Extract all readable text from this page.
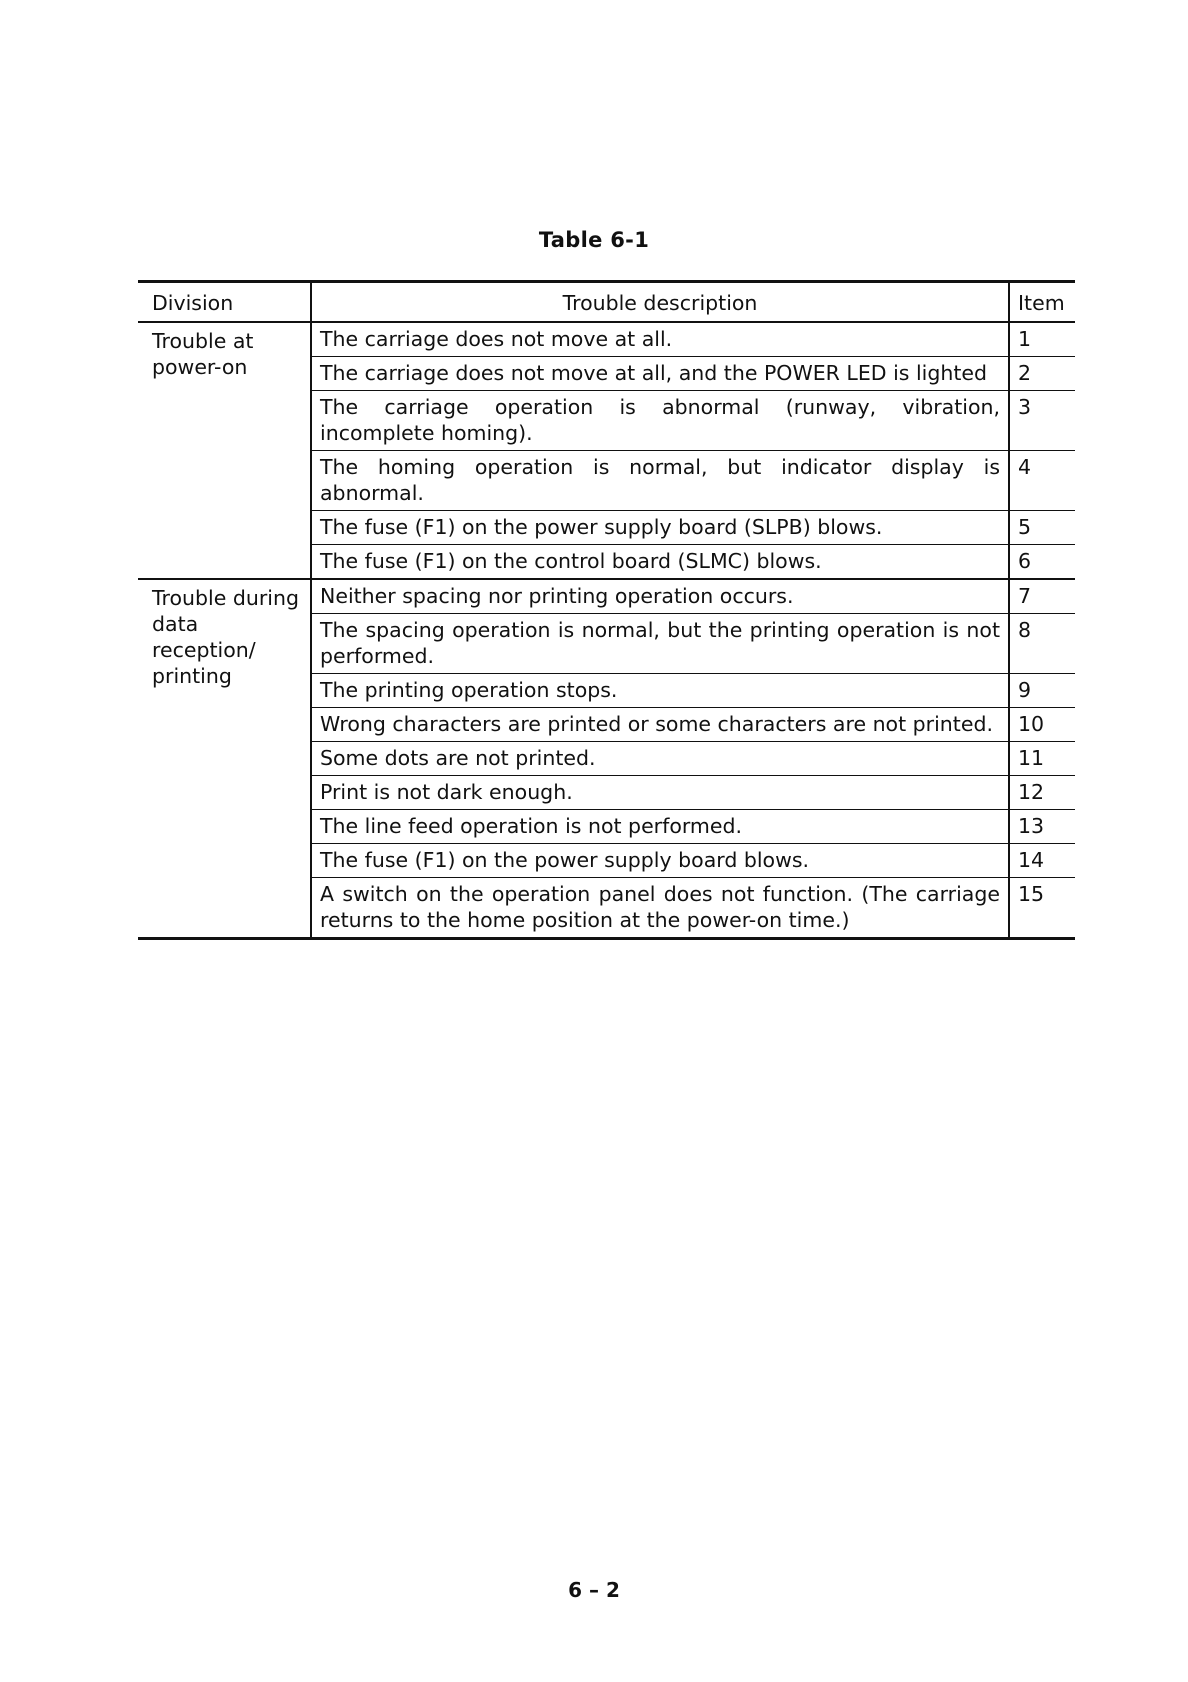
Table 6-1
Division	Trouble description	Item
Trouble at power-on	The carriage does not move at all.	1
	The carriage does not move at all, and the POWER LED is lighted	2
	The carriage operation is abnormal (runway, vibration, incomplete homing).	3
	The homing operation is normal, but indicator display is abnormal.	4
	The fuse (F1) on the power supply board (SLPB) blows.	5
	The fuse (F1) on the control board (SLMC) blows.	6
Trouble during data reception/ printing	Neither spacing nor printing operation occurs.	7
	The spacing operation is normal, but the printing operation is not performed.	8
	The printing operation stops.	9
	Wrong characters are printed or some characters are not printed.	10
	Some dots are not printed.	11
	Print is not dark enough.	12
	The line feed operation is not performed.	13
	The fuse (F1) on the power supply board blows.	14
	A switch on the operation panel does not function. (The carriage returns to the home position at the power-on time.)	15
6 – 2
